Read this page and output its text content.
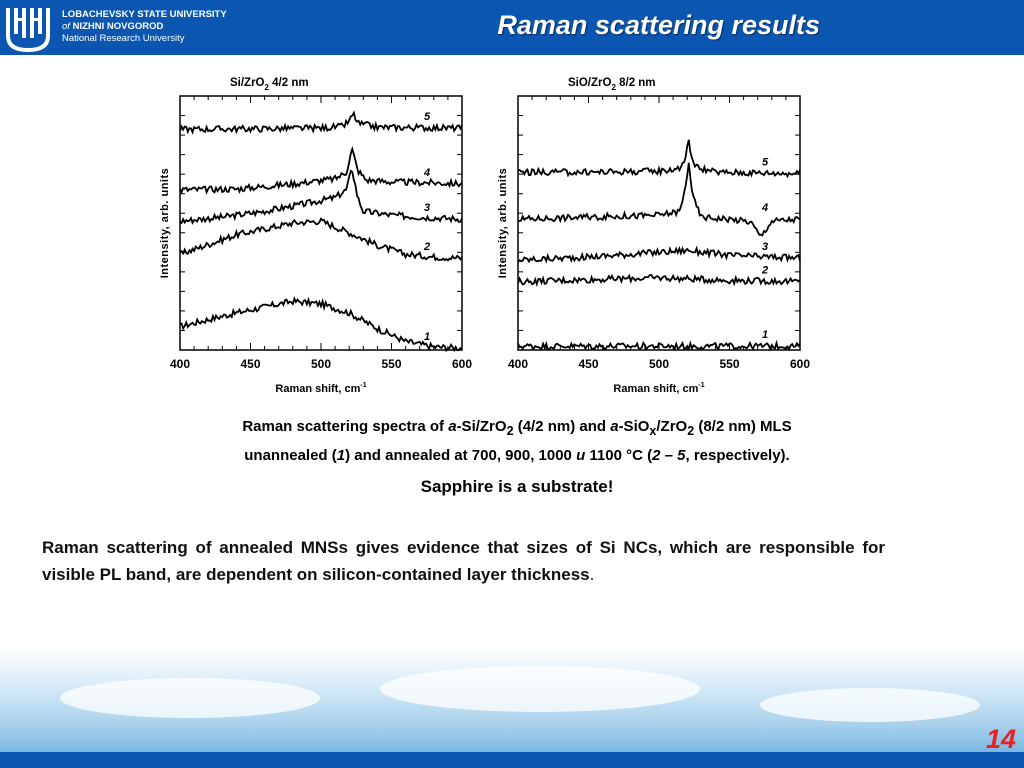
LOBACHEVSKY STATE UNIVERSITY
of NIZHNI NOVGOROD
National Research University	Raman scattering results
400	450	500	550	600
Si/ZrO$_2$ 4/2 nm
Raman shift, $cm^{-1}$
Intensity, arb. units
1
2
3
4
5
400	450	500	550	600
SiO/ZrO$_2$ 8/2 nm
Raman shift, $cm^{-1}$
Intensity, arb. units
1
2
3
4
5
Raman scattering spectra of a-Si/ZrO$_2$ (4/2 nm) and a-SiO$_x$/ZrO$_2$ (8/2 nm) MLS
unannealed (1) and annealed at 700, 900, 1000 и 1100 °C (2 – 5, respectively).
Sapphire is a substrate!
Raman scattering of annealed MNSs gives evidence that sizes of Si NCs, which are responsible for visible PL band, are dependent on silicon-contained layer thickness.
14
